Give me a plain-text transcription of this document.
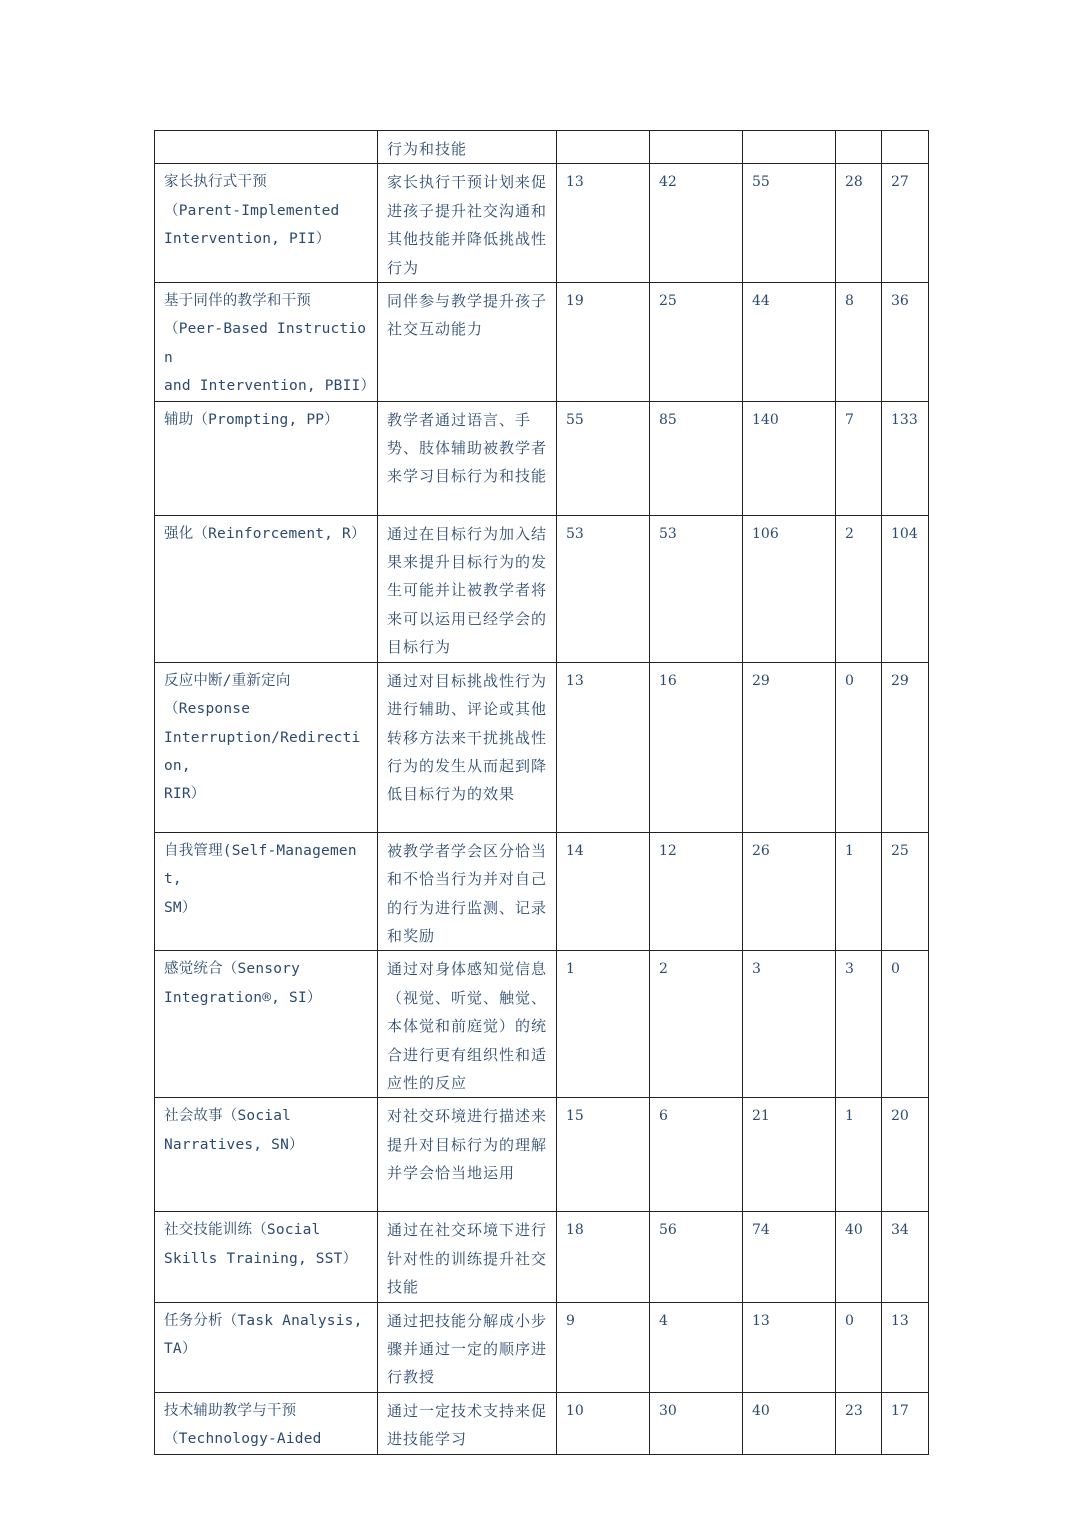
	行为和技能					

家长执行式干预
（Parent-Implemented
Intervention, PII）	家长执行干预计划来促进孩子提升社交沟通和其他技能并降低挑战性行为	13	42	55	28	27

基于同伴的教学和干预
（Peer-Based Instruction
and Intervention, PBII）	同伴参与教学提升孩子社交互动能力	19	25	44	8	36

辅助（Prompting, PP）	教学者通过语言、手势、肢体辅助被教学者来学习目标行为和技能	55	85	140	7	133

强化（Reinforcement, R）	通过在目标行为加入结果来提升目标行为的发生可能并让被教学者将来可以运用已经学会的目标行为	53	53	106	2	104

反应中断/重新定向
（Response
Interruption/Redirection,
RIR）	通过对目标挑战性行为进行辅助、评论或其他转移方法来干扰挑战性行为的发生从而起到降低目标行为的效果	13	16	29	0	29

自我管理(Self-Management,
SM）	被教学者学会区分恰当和不恰当行为并对自己的行为进行监测、记录和奖励	14	12	26	1	25

感觉统合（Sensory
Integration®, SI）	通过对身体感知觉信息（视觉、听觉、触觉、本体觉和前庭觉）的统合进行更有组织性和适应性的反应	1	2	3	3	0

社会故事（Social
Narratives, SN）	对社交环境进行描述来提升对目标行为的理解并学会恰当地运用	15	6	21	1	20

社交技能训练（Social
Skills Training, SST）	通过在社交环境下进行针对性的训练提升社交技能	18	56	74	40	34

任务分析（Task Analysis,
TA）	通过把技能分解成小步骤并通过一定的顺序进行教授	9	4	13	0	13

技术辅助教学与干预
（Technology-Aided	通过一定技术支持来促进技能学习	10	30	40	23	17
